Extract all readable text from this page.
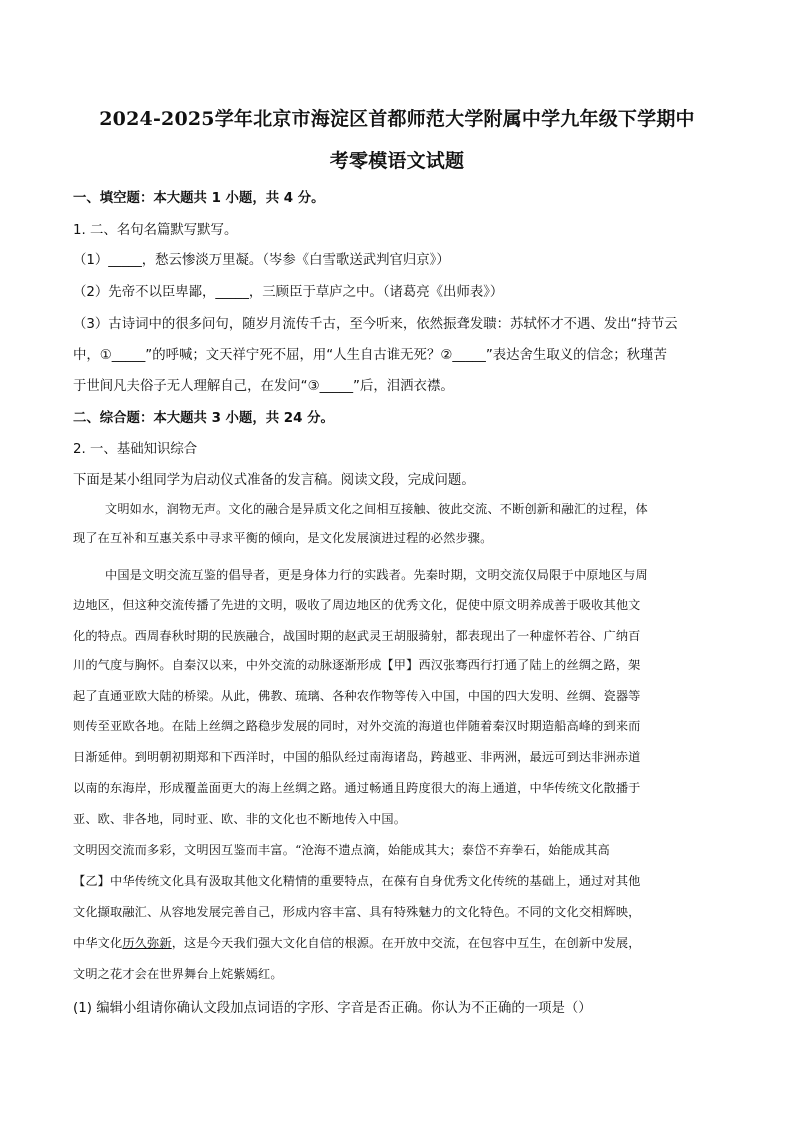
2024-2025学年北京市海淀区首都师范大学附属中学九年级下学期中
考零模语文试题
一、填空题：本大题共 1 小题，共 4 分。
1. 二、名句名篇默写默写。
（1）_____，愁云惨淡万里凝。（岑参《白雪歌送武判官归京》）
（2）先帝不以臣卑鄙，_____，三顾臣于草庐之中。（诸葛亮《出师表》）
（3）古诗词中的很多问句，随岁月流传千古，至今听来，依然振聋发聩：苏轼怀才不遇、发出“持节云
中，①_____”的呼喊；文天祥宁死不屈，用“人生自古谁无死？②_____”表达舍生取义的信念；秋瑾苦
于世间凡夫俗子无人理解自己，在发问“③_____”后，泪洒衣襟。
二、综合题：本大题共 3 小题，共 24 分。
2. 一、基础知识综合
下面是某小组同学为启动仪式准备的发言稿。阅读文段，完成问题。
文明如水，润物无声。文化的融合是异质文化之间相互接触、彼此交流、不断创新和融汇的过程，体
现了在互补和互惠关系中寻求平衡的倾向，是文化发展演进过程的必然步骤。
中国是文明交流互鉴的倡导者，更是身体力行的实践者。先秦时期，文明交流仅局限于中原地区与周
边地区，但这种交流传播了先进的文明，吸收了周边地区的优秀文化，促使中原文明养成善于吸收其他文
化的特点。西周春秋时期的民族融合，战国时期的赵武灵王胡服骑射，都表现出了一种虚怀若谷、广纳百
川的气度与胸怀。自秦汉以来，中外交流的动脉逐渐形成【甲】西汉张骞西行打通了陆上的丝绸之路，架
起了直通亚欧大陆的桥梁。从此，佛教、琉璃、各种农作物等传入中国，中国的四大发明、丝绸、瓷器等
则传至亚欧各地。在陆上丝绸之路稳步发展的同时，对外交流的海道也伴随着秦汉时期造船高峰的到来而
日渐延伸。到明朝初期郑和下西洋时，中国的船队经过南海诸岛，跨越亚、非两洲，最远可到达非洲赤道
以南的东海岸，形成覆盖面更大的海上丝绸之路。通过畅通且跨度很大的海上通道，中华传统文化散播于
亚、欧、非各地，同时亚、欧、非的文化也不断地传入中国。
文明因交流而多彩，文明因互鉴而丰富。“沧海不遗点滴，始能成其大；泰岱不弃拳石，始能成其高
【乙】中华传统文化具有汲取其他文化精情的重要特点，在葆有自身优秀文化传统的基础上，通过对其他
文化撷取融汇、从容地发展完善自己，形成内容丰富、具有特殊魅力的文化特色。不同的文化交相辉映，
中华文化历久弥新，这是今天我们强大文化自信的根源。在开放中交流，在包容中互生，在创新中发展，
文明之花才会在世界舞台上姹紫嫣红。
(1) 编辑小组请你确认文段加点词语的字形、字音是否正确。你认为不正确的一项是（）
